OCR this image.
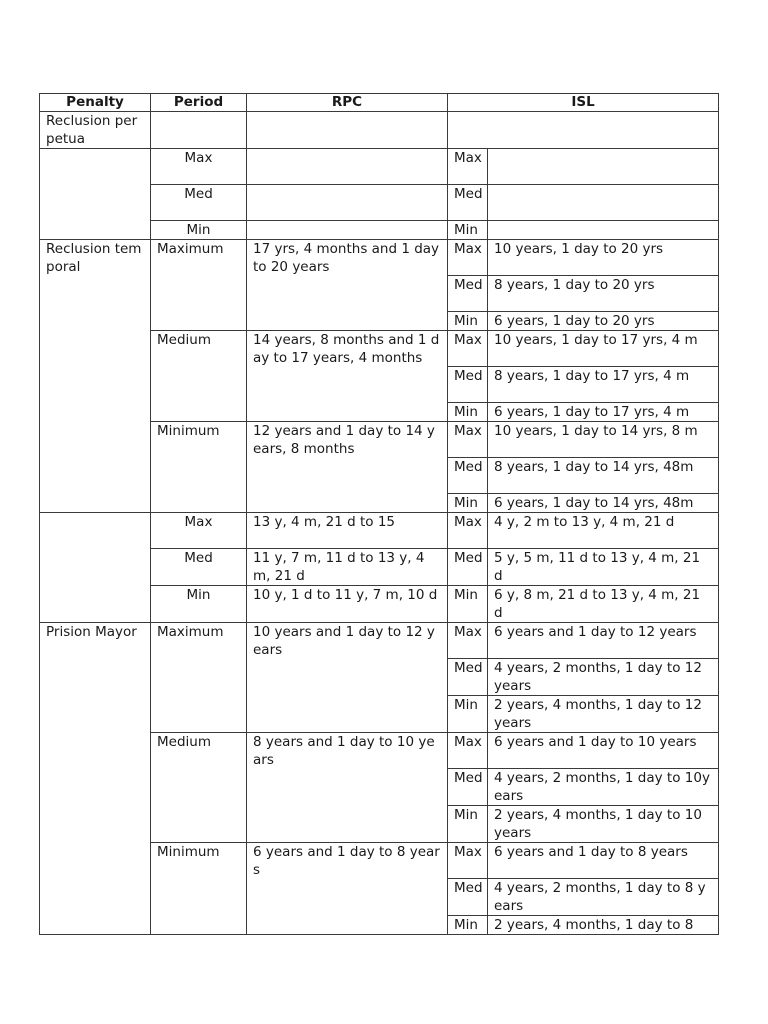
Penalty	Period	RPC	ISL	
Reclusion perpetua				
	Max		Max	
	Med		Med	
	Min		Min	
Reclusion temporal	Maximum	17 yrs, 4 months and 1 day to 20 years	Max	10 years, 1 day to 20 yrs
			Med	8 years, 1 day to 20 yrs
			Min	6 years, 1 day to 20 yrs
	Medium	14 years, 8 months and 1 day to 17 years, 4 months	Max	10 years, 1 day to 17 yrs, 4 m
			Med	8 years, 1 day to 17 yrs, 4 m
			Min	6 years, 1 day to 17 yrs, 4 m
	Minimum	12 years and 1 day to 14 years, 8 months	Max	10 years, 1 day to 14 yrs, 8 m
			Med	8 years, 1 day to 14 yrs, 48m
			Min	6 years, 1 day to 14 yrs, 48m
	Max	13 y, 4 m, 21 d to 15	Max	4 y, 2 m to 13 y, 4 m, 21 d
	Med	11 y, 7 m, 11 d to 13 y, 4 m, 21 d	Med	5 y, 5 m, 11 d to 13 y, 4 m, 21 d
	Min	10 y, 1 d to 11 y, 7 m, 10 d	Min	6 y, 8 m, 21 d to 13 y, 4 m, 21 d
Prision Mayor	Maximum	10 years and 1 day to 12 years	Max	6 years and 1 day to 12 years
			Med	4 years, 2 months, 1 day to 12 years
			Min	2 years, 4 months, 1 day to 12 years
	Medium	8 years and 1 day to 10 years	Max	6 years and 1 day to 10 years
			Med	4 years, 2 months, 1 day to 10years
			Min	2 years, 4 months, 1 day to 10 years
	Minimum	6 years and 1 day to 8 years	Max	6 years and 1 day to 8 years
			Med	4 years, 2 months, 1 day to 8 years
			Min	2 years, 4 months, 1 day to 8
